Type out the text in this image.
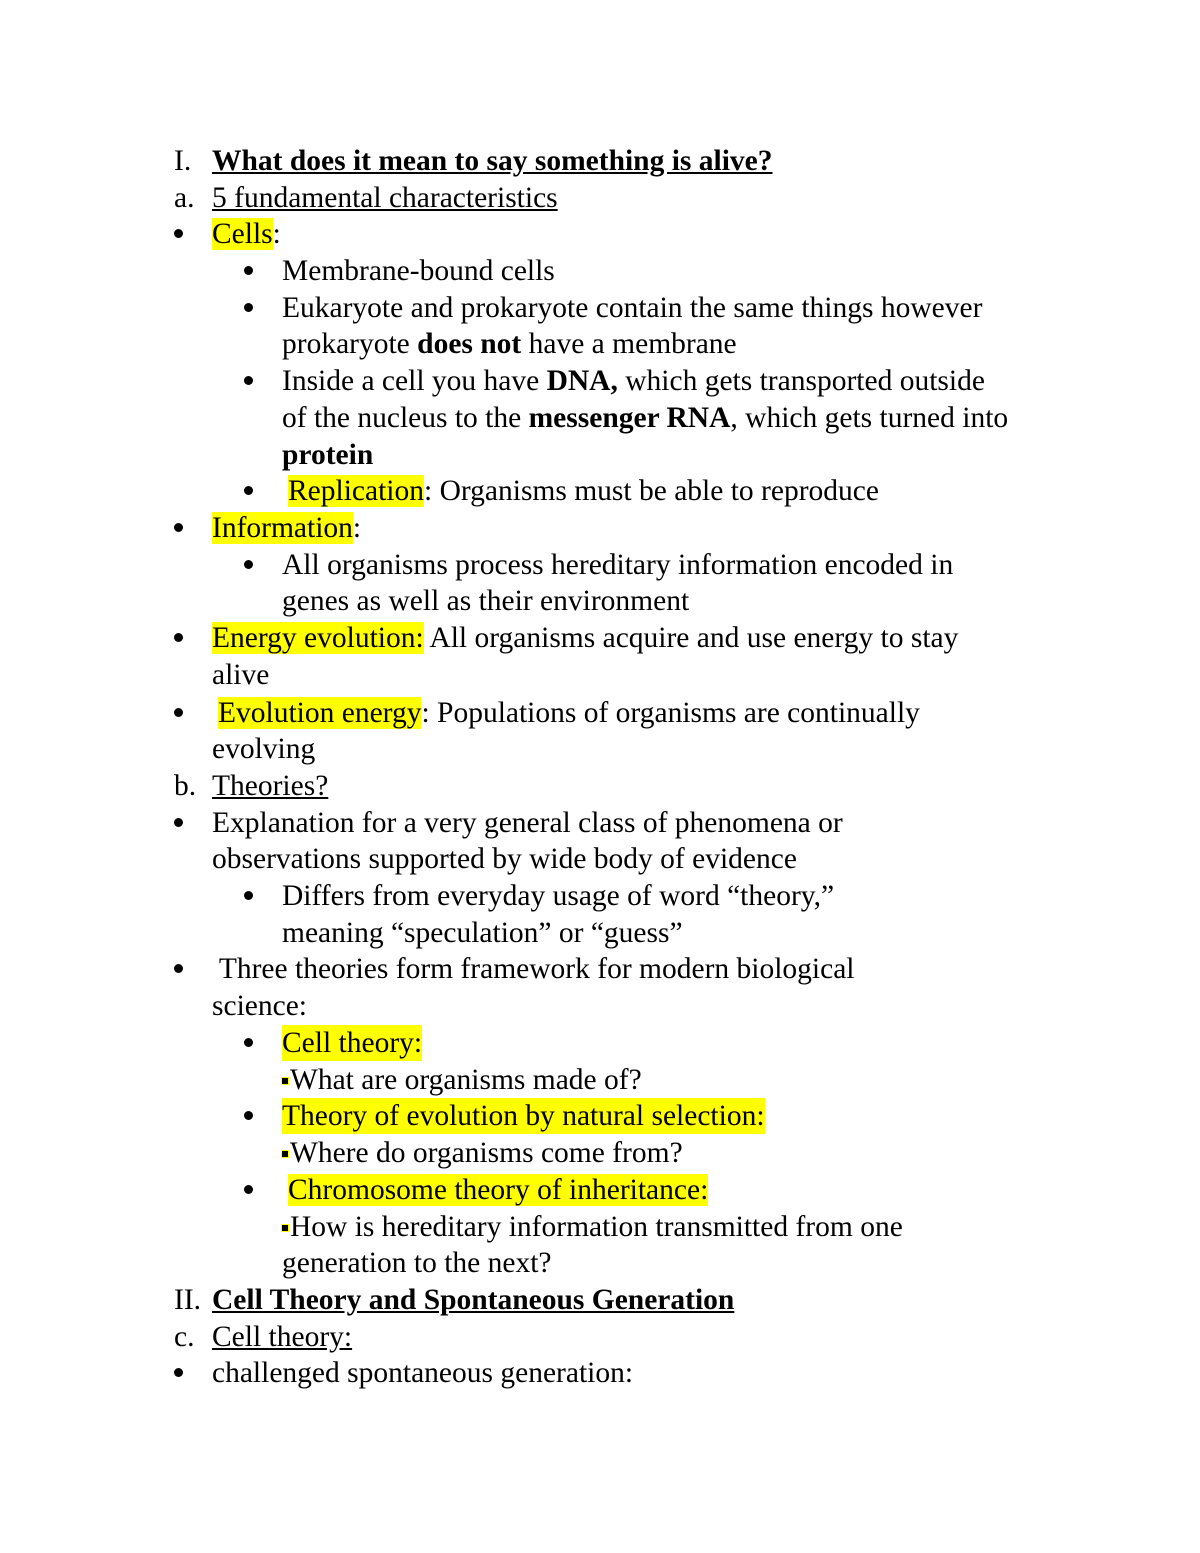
I. What does it mean to say something is alive?
a. 5 fundamental characteristics
Cells:
Membrane-bound cells
Eukaryote and prokaryote contain the same things however
prokaryote does not have a membrane
Inside a cell you have DNA, which gets transported outside
of the nucleus to the messenger RNA, which gets turned into
protein
Replication: Organisms must be able to reproduce
Information:
All organisms process hereditary information encoded in
genes as well as their environment
Energy evolution: All organisms acquire and use energy to stay
alive
Evolution energy: Populations of organisms are continually
evolving
b. Theories?
Explanation for a very general class of phenomena or
observations supported by wide body of evidence
Differs from everyday usage of word “theory,”
meaning “speculation” or “guess”
Three theories form framework for modern biological
science:
Cell theory:
What are organisms made of?
Theory of evolution by natural selection:
Where do organisms come from?
Chromosome theory of inheritance:
How is hereditary information transmitted from one
generation to the next?
II. Cell Theory and Spontaneous Generation
c. Cell theory:
challenged spontaneous generation:
